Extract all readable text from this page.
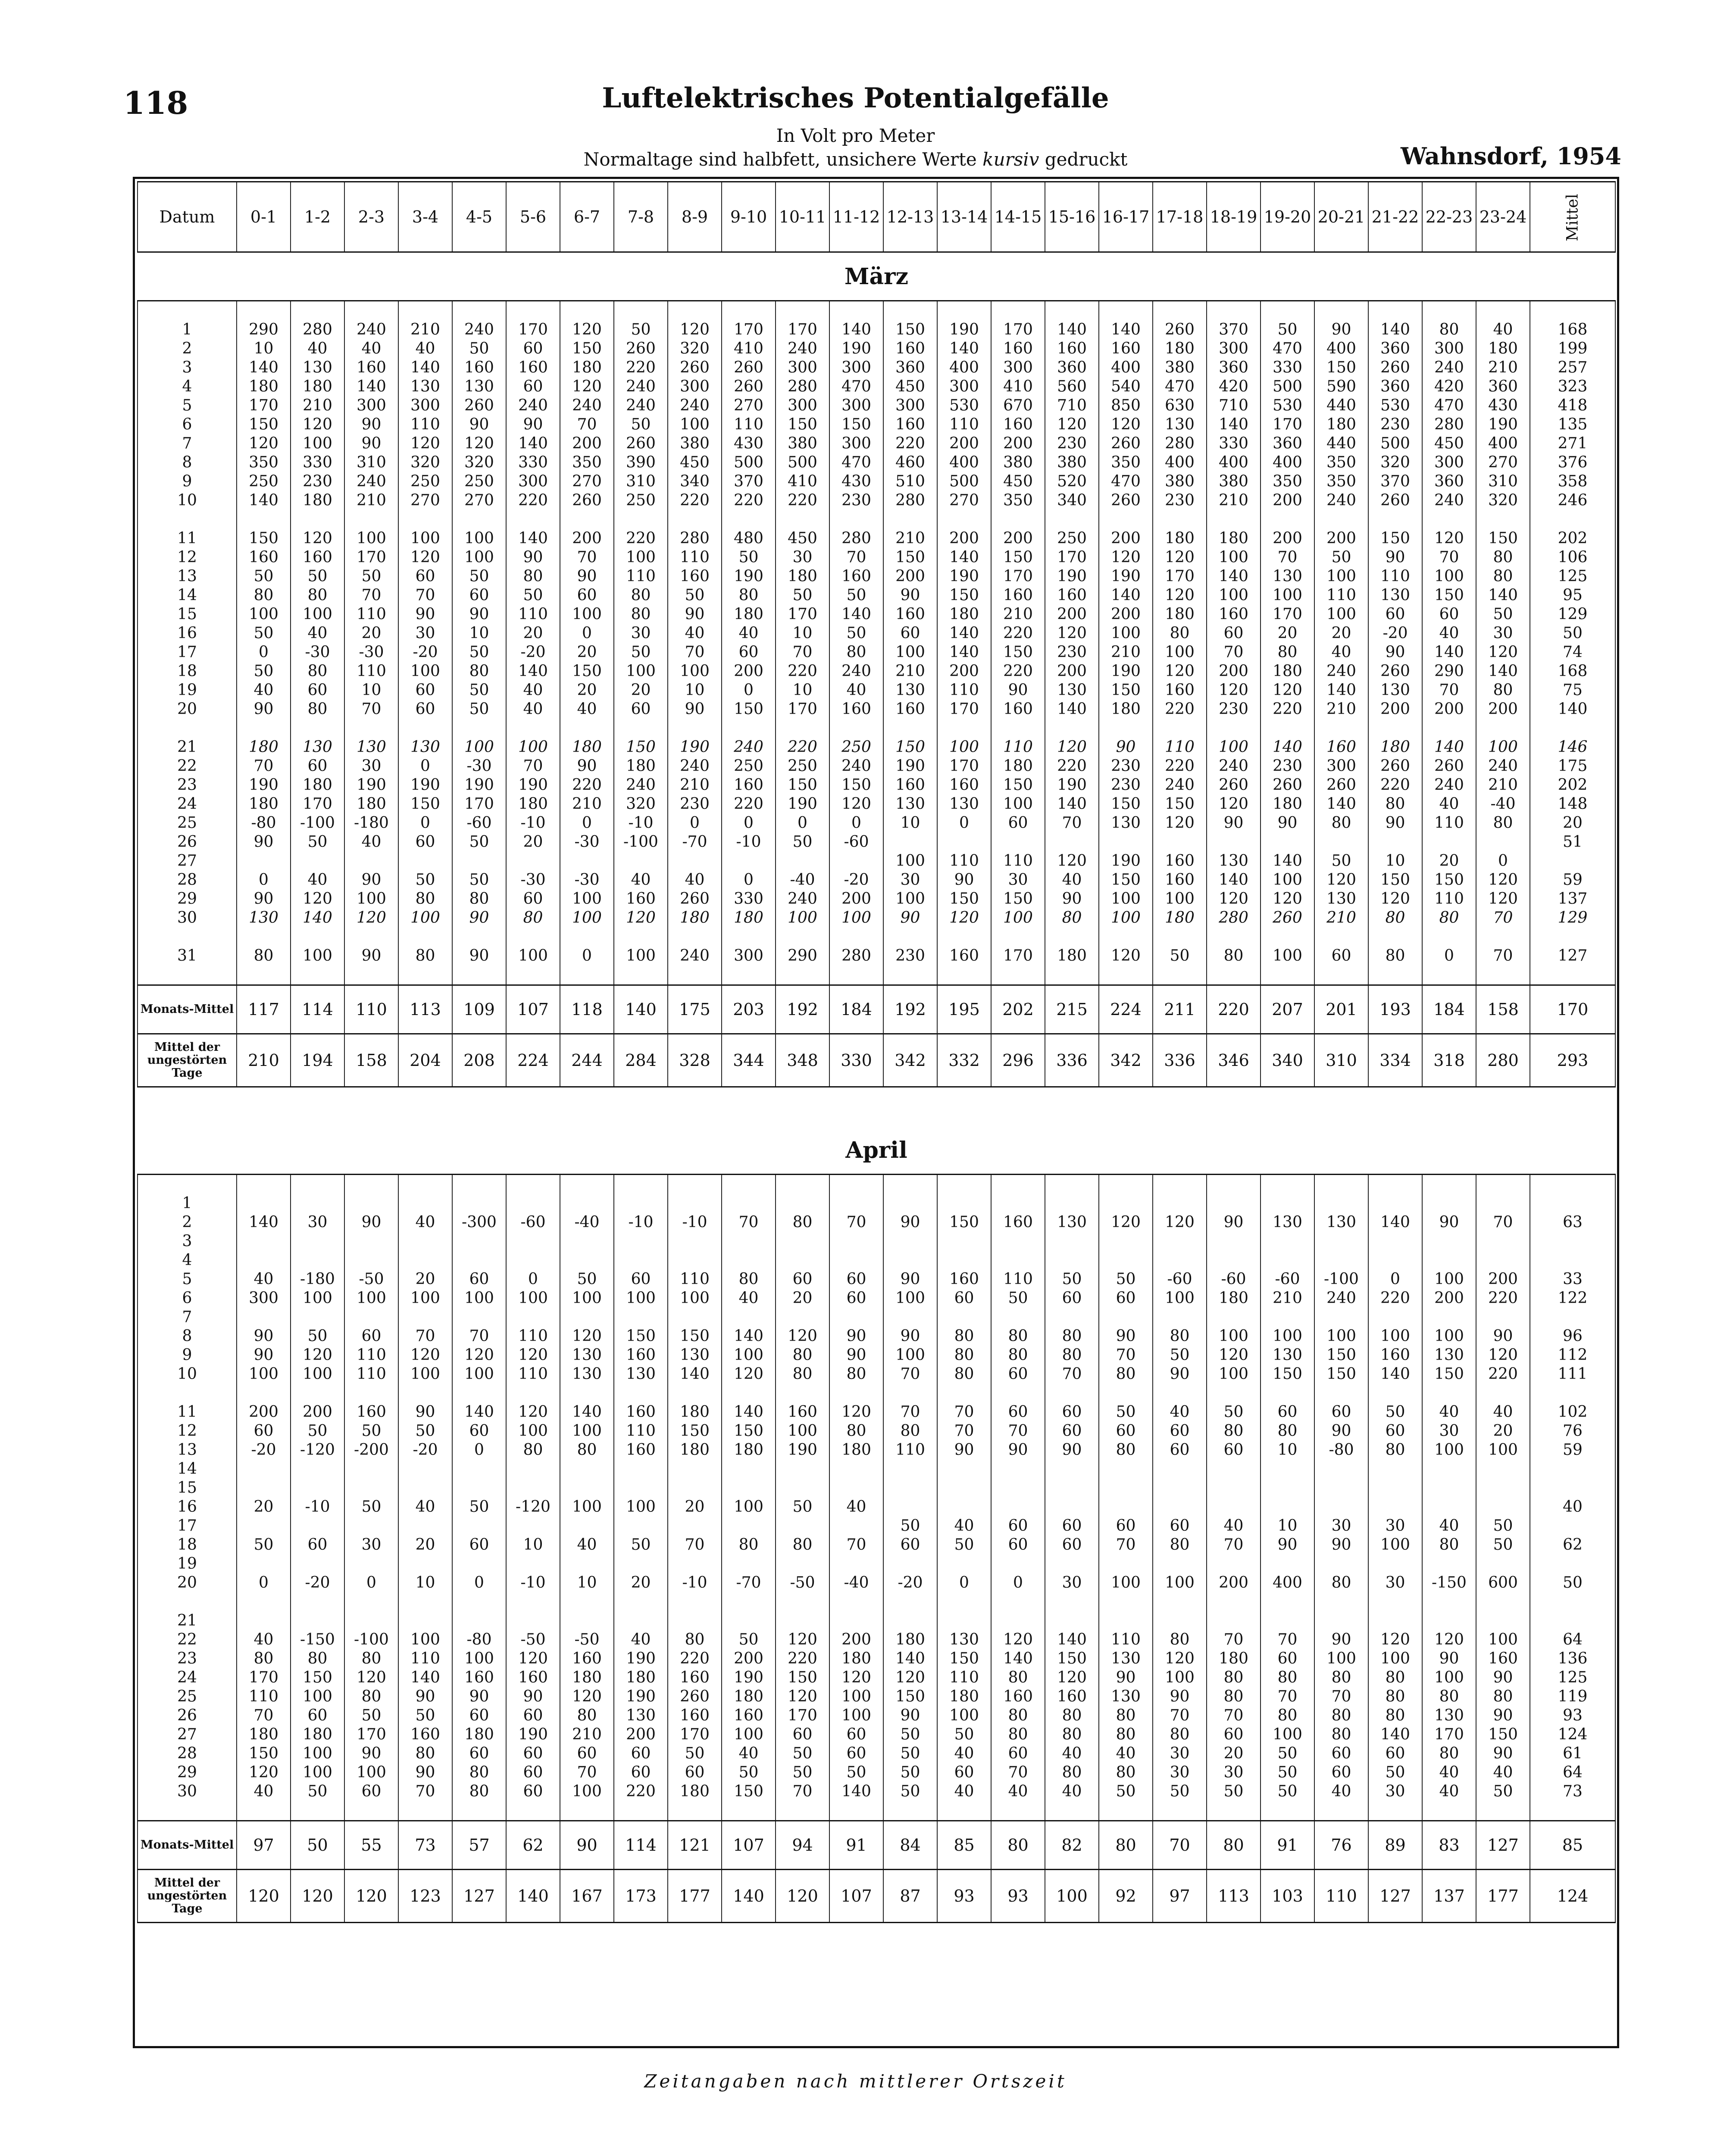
118	Luftelektrisches Potentialgefälle
In Volt pro Meter
Normaltage sind halbfett, unsichere Werte kursiv gedruckt	Wahnsdorf, 1954
Datum	0-1	1-2	2-3	3-4	4-5	5-6	6-7	7-8	8-9	9-10	10-11	11-12	12-13	13-14	14-15	15-16	16-17	17-18	18-19	19-20	20-21	21-22	22-23	23-24	Mittel
März																									

1	290	280	240	210	240	170	120	50	120	170	170	140	150	190	170	140	140	260	370	50	90	140	80	40	168
2	10	40	40	40	50	60	150	260	320	410	240	190	160	140	160	160	160	180	300	470	400	360	300	180	199
3	140	130	160	140	160	160	180	220	260	260	300	300	360	400	300	360	400	380	360	330	150	260	240	210	257
4	180	180	140	130	130	60	120	240	300	260	280	470	450	300	410	560	540	470	420	500	590	360	420	360	323
5	170	210	300	300	260	240	240	240	240	270	300	300	300	530	670	710	850	630	710	530	440	530	470	430	418
6	150	120	90	110	90	90	70	50	100	110	150	150	160	110	160	120	120	130	140	170	180	230	280	190	135
7	120	100	90	120	120	140	200	260	380	430	380	300	220	200	200	230	260	280	330	360	440	500	450	400	271
8	350	330	310	320	320	330	350	390	450	500	500	470	460	400	380	380	350	400	400	400	350	320	300	270	376
9	250	230	240	250	250	300	270	310	340	370	410	430	510	500	450	520	470	380	380	350	350	370	360	310	358
10	140	180	210	270	270	220	260	250	220	220	220	230	280	270	350	340	260	230	210	200	240	260	240	320	246

11	150	120	100	100	100	140	200	220	280	480	450	280	210	200	200	250	200	180	180	200	200	150	120	150	202
12	160	160	170	120	100	90	70	100	110	50	30	70	150	140	150	170	120	120	100	70	50	90	70	80	106
13	50	50	50	60	50	80	90	110	160	190	180	160	200	190	170	190	190	170	140	130	100	110	100	80	125
14	80	80	70	70	60	50	60	80	50	80	50	50	90	150	160	160	140	120	100	100	110	130	150	140	95
15	100	100	110	90	90	110	100	80	90	180	170	140	160	180	210	200	200	180	160	170	100	60	60	50	129
16	50	40	20	30	10	20	0	30	40	40	10	50	60	140	220	120	100	80	60	20	20	-20	40	30	50
17	0	-30	-30	-20	50	-20	20	50	70	60	70	80	100	140	150	230	210	100	70	80	40	90	140	120	74
18	50	80	110	100	80	140	150	100	100	200	220	240	210	200	220	200	190	120	200	180	240	260	290	140	168
19	40	60	10	60	50	40	20	20	10	0	10	40	130	110	90	130	150	160	120	120	140	130	70	80	75
20	90	80	70	60	50	40	40	60	90	150	170	160	160	170	160	140	180	220	230	220	210	200	200	200	140

21	180	130	130	130	100	100	180	150	190	240	220	250	150	100	110	120	90	110	100	140	160	180	140	100	146
22	70	60	30	0	-30	70	90	180	240	250	250	240	190	170	180	220	230	220	240	230	300	260	260	240	175
23	190	180	190	190	190	190	220	240	210	160	150	150	160	160	150	190	230	240	260	260	260	220	240	210	202
24	180	170	180	150	170	180	210	320	230	220	190	120	130	130	100	140	150	150	120	180	140	80	40	-40	148
25	-80	-100	-180	0	-60	-10	0	-10	0	0	0	0	10	0	60	70	130	120	90	90	80	90	110	80	20
26	90	50	40	60	50	20	-30	-100	-70	-10	50	-60													51
27													100	110	110	120	190	160	130	140	50	10	20	0	
28	0	40	90	50	50	-30	-30	40	40	0	-40	-20	30	90	30	40	150	160	140	100	120	150	150	120	59
29	90	120	100	80	80	60	100	160	260	330	240	200	100	150	150	90	100	100	120	120	130	120	110	120	137
30	130	140	120	100	90	80	100	120	180	180	100	100	90	120	100	80	100	180	280	260	210	80	80	70	129

31	80	100	90	80	90	100	0	100	240	300	290	280	230	160	170	180	120	50	80	100	60	80	0	70	127

Monats-Mittel	117	114	110	113	109	107	118	140	175	203	192	184	192	195	202	215	224	211	220	207	201	193	184	158	170
Mittel der ungestörten Tage	210	194	158	204	208	224	244	284	328	344	348	330	342	332	296	336	342	336	346	340	310	334	318	280	293

April																									

1																									
2	140	30	90	40	-300	-60	-40	-10	-10	70	80	70	90	150	160	130	120	120	90	130	130	140	90	70	63
3																									
4																									
5	40	-180	-50	20	60	0	50	60	110	80	60	60	90	160	110	50	50	-60	-60	-60	-100	0	100	200	33
6	300	100	100	100	100	100	100	100	100	40	20	60	100	60	50	60	60	100	180	210	240	220	200	220	122
7																									
8	90	50	60	70	70	110	120	150	150	140	120	90	90	80	80	80	90	80	100	100	100	100	100	90	96
9	90	120	110	120	120	120	130	160	130	100	80	90	100	80	80	80	70	50	120	130	150	160	130	120	112
10	100	100	110	100	100	110	130	130	140	120	80	80	70	80	60	70	80	90	100	150	150	140	150	220	111

11	200	200	160	90	140	120	140	160	180	140	160	120	70	70	60	60	50	40	50	60	60	50	40	40	102
12	60	50	50	50	60	100	100	110	150	150	100	80	80	70	70	60	60	60	80	80	90	60	30	20	76
13	-20	-120	-200	-20	0	80	80	160	180	180	190	180	110	90	90	90	80	60	60	10	-80	80	100	100	59
14																									
15																									
16	20	-10	50	40	50	-120	100	100	20	100	50	40													40
17													50	40	60	60	60	60	40	10	30	30	40	50	
18	50	60	30	20	60	10	40	50	70	80	80	70	60	50	60	60	70	80	70	90	90	100	80	50	62
19																									
20	0	-20	0	10	0	-10	10	20	-10	-70	-50	-40	-20	0	0	30	100	100	200	400	80	30	-150	600	50

21																									
22	40	-150	-100	100	-80	-50	-50	40	80	50	120	200	180	130	120	140	110	80	70	70	90	120	120	100	64
23	80	80	80	110	100	120	160	190	220	200	220	180	140	150	140	150	130	120	180	60	100	100	90	160	136
24	170	150	120	140	160	160	180	180	160	190	150	120	120	110	80	120	90	100	80	80	80	80	100	90	125
25	110	100	80	90	90	90	120	190	260	180	120	100	150	180	160	160	130	90	80	70	70	80	80	80	119
26	70	60	50	50	60	60	80	130	160	160	170	100	90	100	80	80	80	70	70	80	80	80	130	90	93
27	180	180	170	160	180	190	210	200	170	100	60	60	50	50	80	80	80	80	60	100	80	140	170	150	124
28	150	100	90	80	60	60	60	60	50	40	50	60	50	40	60	40	40	30	20	50	60	60	80	90	61
29	120	100	100	90	80	60	70	60	60	50	50	50	50	60	70	80	80	30	30	50	60	50	40	40	64
30	40	50	60	70	80	60	100	220	180	150	70	140	50	40	40	40	50	50	50	50	40	30	40	50	73

Monats-Mittel	97	50	55	73	57	62	90	114	121	107	94	91	84	85	80	82	80	70	80	91	76	89	83	127	85
Mittel der ungestörten Tage	120	120	120	123	127	140	167	173	177	140	120	107	87	93	93	100	92	97	113	103	110	127	137	177	124
Zeitangaben nach mittlerer Ortszeit
